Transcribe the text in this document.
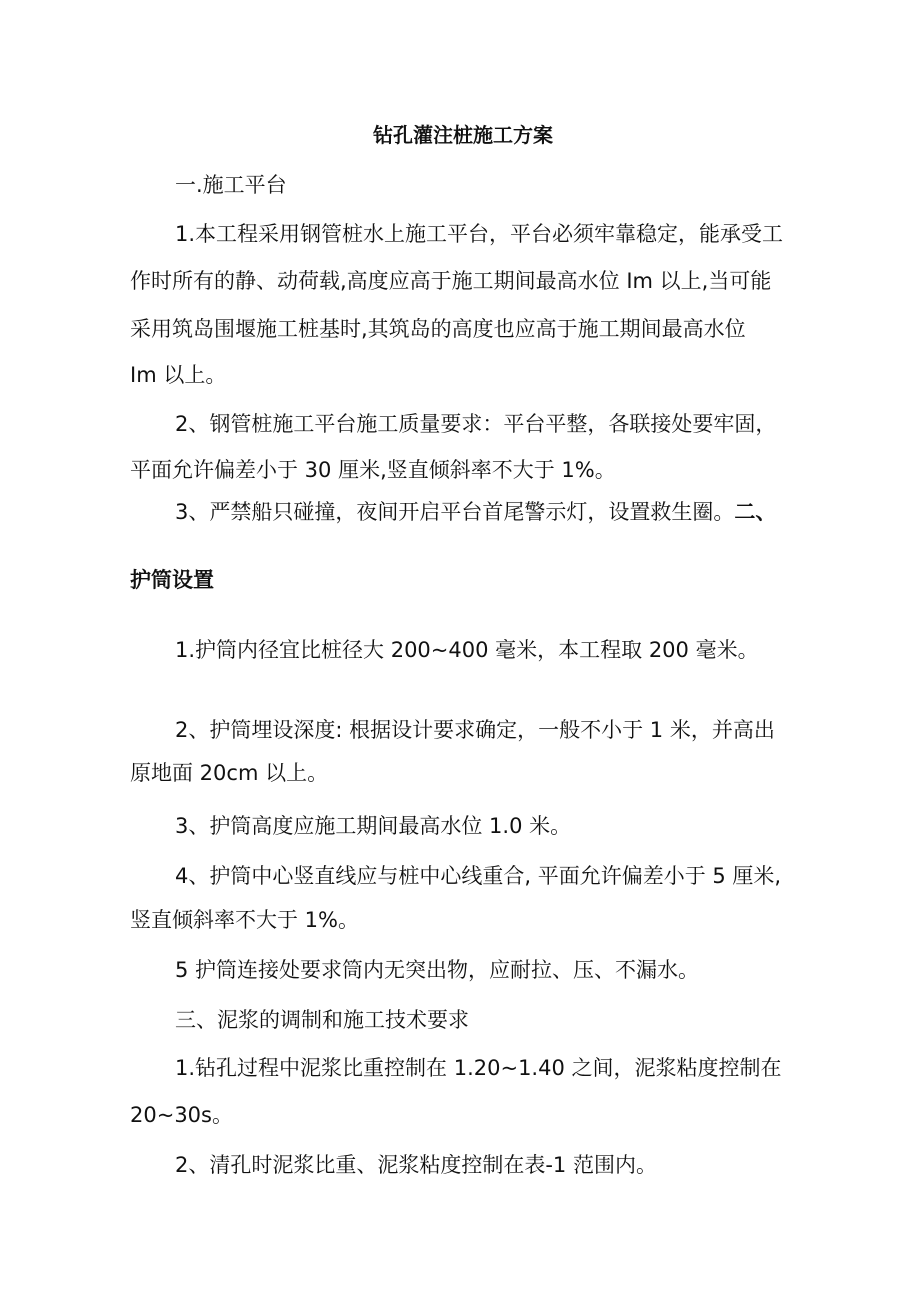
钻孔灌注桩施工方案
一.施工平台
1.本工程采用钢管桩水上施工平台，平台必须牢靠稳定，能承受工
作时所有的静、动荷载,高度应高于施工期间最高水位 Im 以上,当可能
采用筑岛围堰施工桩基时,其筑岛的高度也应高于施工期间最高水位
Im 以上。
2、钢管桩施工平台施工质量要求：平台平整，各联接处要牢固，
平面允许偏差小于 30 厘米,竖直倾斜率不大于 1%。
3、严禁船只碰撞，夜间开启平台首尾警示灯，设置救生圈。二、
护筒设置
1.护筒内径宜比桩径大 200~400 毫米，本工程取 200 毫米。
2、护筒埋设深度: 根据设计要求确定，一般不小于 1 米，并高出
原地面 20cm 以上。
3、护筒高度应施工期间最高水位 1.0 米。
4、护筒中心竖直线应与桩中心线重合, 平面允许偏差小于 5 厘米,
竖直倾斜率不大于 1%。
5 护筒连接处要求筒内无突出物，应耐拉、压、不漏水。
三、泥浆的调制和施工技术要求
1.钻孔过程中泥浆比重控制在 1.20~1.40 之间，泥浆粘度控制在
20~30s。
2、清孔时泥浆比重、泥浆粘度控制在表-1 范围内。
